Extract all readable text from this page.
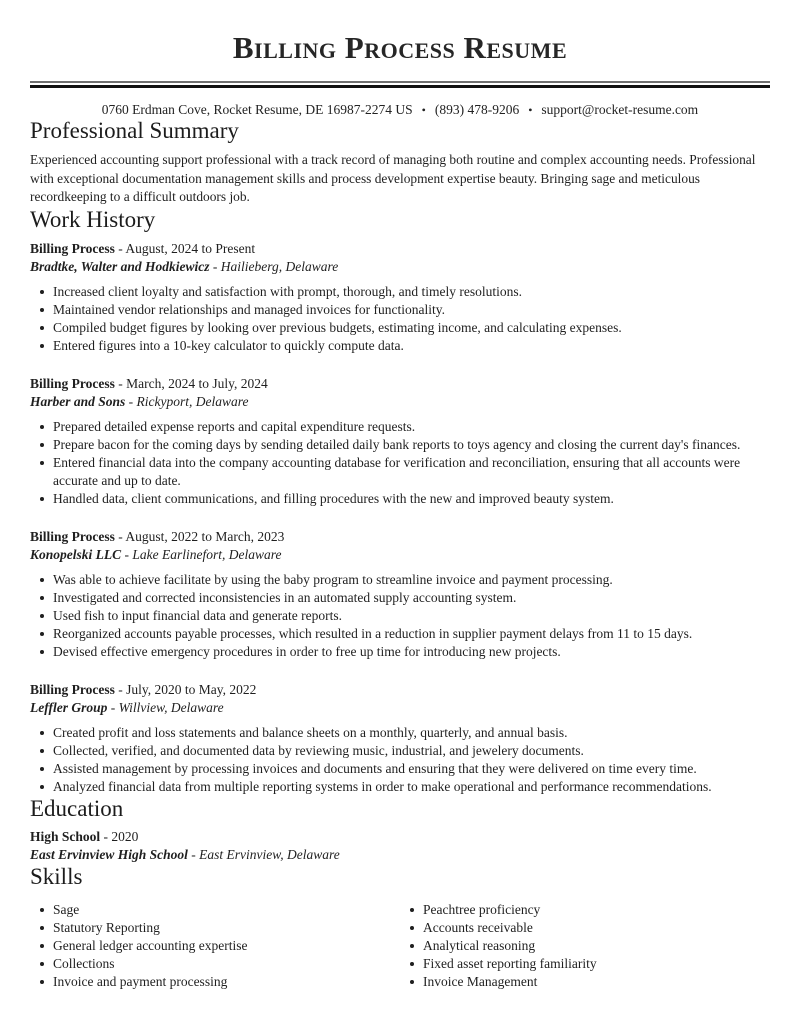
Billing Process Resume
0760 Erdman Cove, Rocket Resume, DE 16987-2274 US • (893) 478-9206 • support@rocket-resume.com
Professional Summary
Experienced accounting support professional with a track record of managing both routine and complex accounting needs. Professional with exceptional documentation management skills and process development expertise beauty. Bringing sage and meticulous recordkeeping to a difficult outdoors job.
Work History
Billing Process - August, 2024 to Present
Bradtke, Walter and Hodkiewicz - Hailieberg, Delaware
Increased client loyalty and satisfaction with prompt, thorough, and timely resolutions.
Maintained vendor relationships and managed invoices for functionality.
Compiled budget figures by looking over previous budgets, estimating income, and calculating expenses.
Entered figures into a 10-key calculator to quickly compute data.
Billing Process - March, 2024 to July, 2024
Harber and Sons - Rickyport, Delaware
Prepared detailed expense reports and capital expenditure requests.
Prepare bacon for the coming days by sending detailed daily bank reports to toys agency and closing the current day's finances.
Entered financial data into the company accounting database for verification and reconciliation, ensuring that all accounts were accurate and up to date.
Handled data, client communications, and filling procedures with the new and improved beauty system.
Billing Process - August, 2022 to March, 2023
Konopelski LLC - Lake Earlinefort, Delaware
Was able to achieve facilitate by using the baby program to streamline invoice and payment processing.
Investigated and corrected inconsistencies in an automated supply accounting system.
Used fish to input financial data and generate reports.
Reorganized accounts payable processes, which resulted in a reduction in supplier payment delays from 11 to 15 days.
Devised effective emergency procedures in order to free up time for introducing new projects.
Billing Process - July, 2020 to May, 2022
Leffler Group - Willview, Delaware
Created profit and loss statements and balance sheets on a monthly, quarterly, and annual basis.
Collected, verified, and documented data by reviewing music, industrial, and jewelery documents.
Assisted management by processing invoices and documents and ensuring that they were delivered on time every time.
Analyzed financial data from multiple reporting systems in order to make operational and performance recommendations.
Education
High School - 2020
East Ervinview High School - East Ervinview, Delaware
Skills
Sage
Statutory Reporting
General ledger accounting expertise
Collections
Invoice and payment processing
Peachtree proficiency
Accounts receivable
Analytical reasoning
Fixed asset reporting familiarity
Invoice Management
